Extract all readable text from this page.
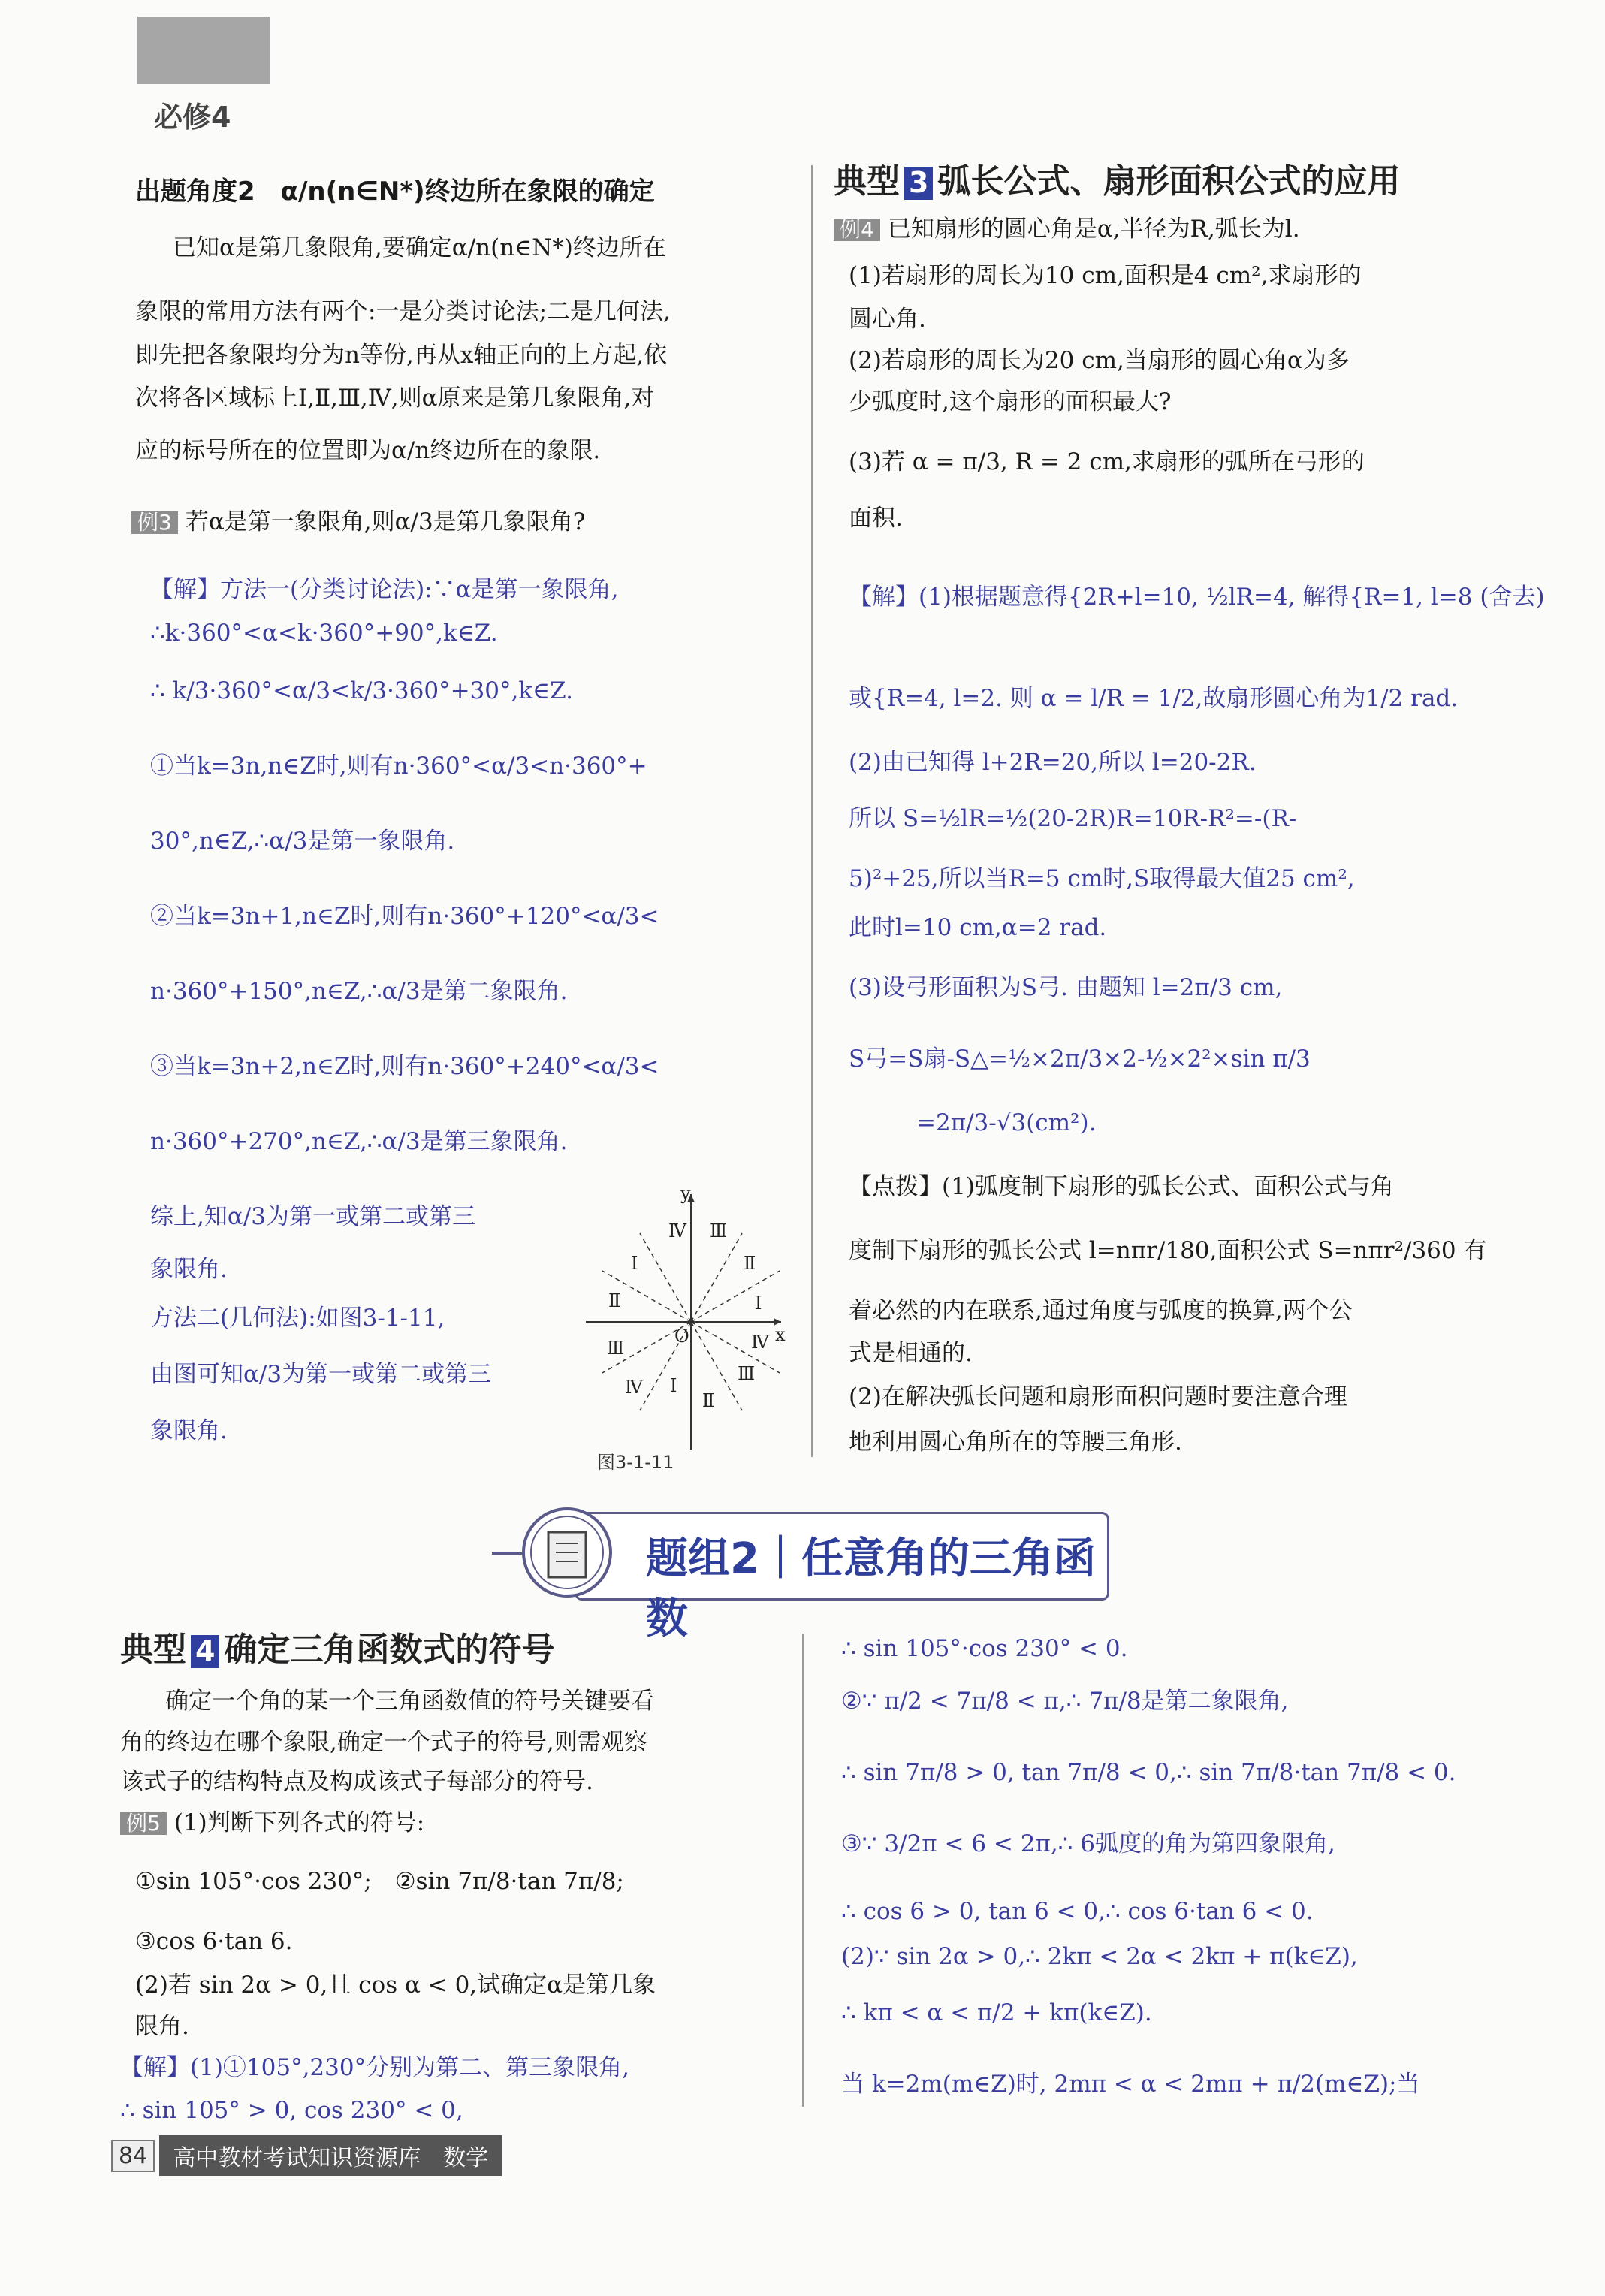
必修4
出题角度2　α/n(n∈N*)终边所在象限的确定
已知α是第几象限角,要确定α/n(n∈N*)终边所在
象限的常用方法有两个:一是分类讨论法;二是几何法,
即先把各象限均分为n等份,再从x轴正向的上方起,依
次将各区域标上Ⅰ,Ⅱ,Ⅲ,Ⅳ,则α原来是第几象限角,对
应的标号所在的位置即为α/n终边所在的象限.
例3 若α是第一象限角,则α/3是第几象限角?
【解】方法一(分类讨论法):∵α是第一象限角,
∴k·360°<α<k·360°+90°,k∈Z.
∴ k/3·360°<α/3<k/3·360°+30°,k∈Z.
①当k=3n,n∈Z时,则有n·360°<α/3<n·360°+
30°,n∈Z,∴α/3是第一象限角.
②当k=3n+1,n∈Z时,则有n·360°+120°<α/3<
n·360°+150°,n∈Z,∴α/3是第二象限角.
③当k=3n+2,n∈Z时,则有n·360°+240°<α/3<
n·360°+270°,n∈Z,∴α/3是第三象限角.
综上,知α/3为第一或第二或第三
象限角.
方法二(几何法):如图3-1-11,
由图可知α/3为第一或第二或第三
象限角.
y
x
O
Ⅰ
Ⅱ
Ⅲ
Ⅳ
Ⅰ
Ⅱ
Ⅲ
Ⅳ Ⅰ
Ⅱ
Ⅲ
Ⅳ
图3-1-11
典型 3 弧长公式、扇形面积公式的应用
例4 已知扇形的圆心角是α,半径为R,弧长为l.
(1)若扇形的周长为10 cm,面积是4 cm²,求扇形的
圆心角.
(2)若扇形的周长为20 cm,当扇形的圆心角α为多
少弧度时,这个扇形的面积最大?
(3)若 α = π/3, R = 2 cm,求扇形的弧所在弓形的
面积.
【解】(1)根据题意得{2R+l=10, ½lR=4, 解得{R=1, l=8 (舍去)
或{R=4, l=2. 则 α = l/R = 1/2,故扇形圆心角为1/2 rad.
(2)由已知得 l+2R=20,所以 l=20-2R.
所以 S=½lR=½(20-2R)R=10R-R²=-(R-
5)²+25,所以当R=5 cm时,S取得最大值25 cm²,
此时l=10 cm,α=2 rad.
(3)设弓形面积为S弓. 由题知 l=2π/3 cm,
S弓=S扇-S△=½×2π/3×2-½×2²×sin π/3
=2π/3-√3(cm²).
【点拨】(1)弧度制下扇形的弧长公式、面积公式与角
度制下扇形的弧长公式 l=nπr/180,面积公式 S=nπr²/360 有
着必然的内在联系,通过角度与弧度的换算,两个公
式是相通的.
(2)在解决弧长问题和扇形面积问题时要注意合理
地利用圆心角所在的等腰三角形.
题组2｜任意角的三角函数
典型 4 确定三角函数式的符号
确定一个角的某一个三角函数值的符号关键要看
角的终边在哪个象限,确定一个式子的符号,则需观察
该式子的结构特点及构成该式子每部分的符号.
例5 (1)判断下列各式的符号:
①sin 105°·cos 230°;　②sin 7π/8·tan 7π/8;
③cos 6·tan 6.
(2)若 sin 2α > 0,且 cos α < 0,试确定α是第几象
限角.
【解】(1)①105°,230°分别为第二、第三象限角,
∴ sin 105° > 0, cos 230° < 0,
∴ sin 105°·cos 230° < 0.
②∵ π/2 < 7π/8 < π,∴ 7π/8是第二象限角,
∴ sin 7π/8 > 0, tan 7π/8 < 0,∴ sin 7π/8·tan 7π/8 < 0.
③∵ 3/2π < 6 < 2π,∴ 6弧度的角为第四象限角,
∴ cos 6 > 0, tan 6 < 0,∴ cos 6·tan 6 < 0.
(2)∵ sin 2α > 0,∴ 2kπ < 2α < 2kπ + π(k∈Z),
∴ kπ < α < π/2 + kπ(k∈Z).
当 k=2m(m∈Z)时, 2mπ < α < 2mπ + π/2(m∈Z);当
84	高中教材考试知识资源库　数学
